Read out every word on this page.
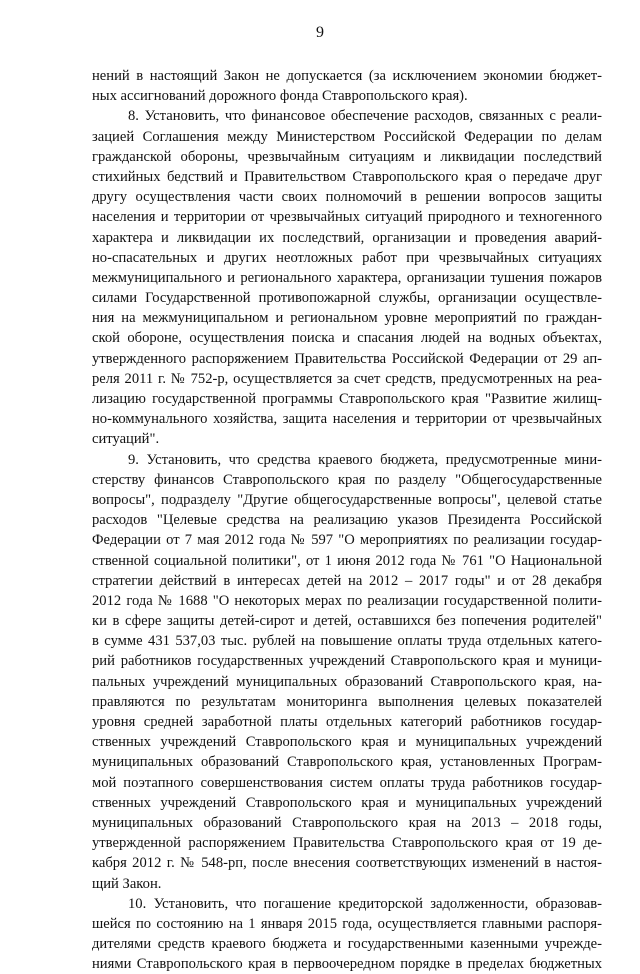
9
нений в настоящий Закон не допускается (за исключением экономии бюджет-
ных ассигнований дорожного фонда Ставропольского края).
8. Установить, что финансовое обеспечение расходов, связанных с реали-
зацией Соглашения между Министерством Российской Федерации по делам
гражданской обороны, чрезвычайным ситуациям и ликвидации последствий
стихийных бедствий и Правительством Ставропольского края о передаче друг
другу осуществления части своих полномочий в решении вопросов защиты
населения и территории от чрезвычайных ситуаций природного и техногенного
характера и ликвидации их последствий, организации и проведения аварий-
но-спасательных и других неотложных работ при чрезвычайных ситуациях
межмуниципального и регионального характера, организации тушения пожаров
силами Государственной противопожарной службы, организации осуществле-
ния на межмуниципальном и региональном уровне мероприятий по граждан-
ской обороне, осуществления поиска и спасания людей на водных объектах,
утвержденного распоряжением Правительства Российской Федерации от 29 ап-
реля 2011 г. № 752-р, осуществляется за счет средств, предусмотренных на реа-
лизацию государственной программы Ставропольского края "Развитие жилищ-
но-коммунального хозяйства, защита населения и территории от чрезвычайных
ситуаций".
9. Установить, что средства краевого бюджета, предусмотренные мини-
стерству финансов Ставропольского края по разделу "Общегосударственные
вопросы", подразделу "Другие общегосударственные вопросы", целевой статье
расходов "Целевые средства на реализацию указов Президента Российской
Федерации от 7 мая 2012 года № 597 "О мероприятиях по реализации государ-
ственной социальной политики", от 1 июня 2012 года № 761 "О Национальной
стратегии действий в интересах детей на 2012 – 2017 годы" и от 28 декабря
2012 года № 1688 "О некоторых мерах по реализации государственной полити-
ки в сфере защиты детей-сирот и детей, оставшихся без попечения родителей"
в сумме 431 537,03 тыс. рублей на повышение оплаты труда отдельных катего-
рий работников государственных учреждений Ставропольского края и муници-
пальных учреждений муниципальных образований Ставропольского края, на-
правляются по результатам мониторинга выполнения целевых показателей
уровня средней заработной платы отдельных категорий работников государ-
ственных учреждений Ставропольского края и муниципальных учреждений
муниципальных образований Ставропольского края, установленных Програм-
мой поэтапного совершенствования систем оплаты труда работников государ-
ственных учреждений Ставропольского края и муниципальных учреждений
муниципальных образований Ставропольского края на 2013 – 2018 годы,
утвержденной распоряжением Правительства Ставропольского края от 19 де-
кабря 2012 г. № 548-рп, после внесения соответствующих изменений в настоя-
щий Закон.
10. Установить, что погашение кредиторской задолженности, образовав-
шейся по состоянию на 1 января 2015 года, осуществляется главными распоря-
дителями средств краевого бюджета и государственными казенными учрежде-
ниями Ставропольского края в первоочередном порядке в пределах бюджетных
